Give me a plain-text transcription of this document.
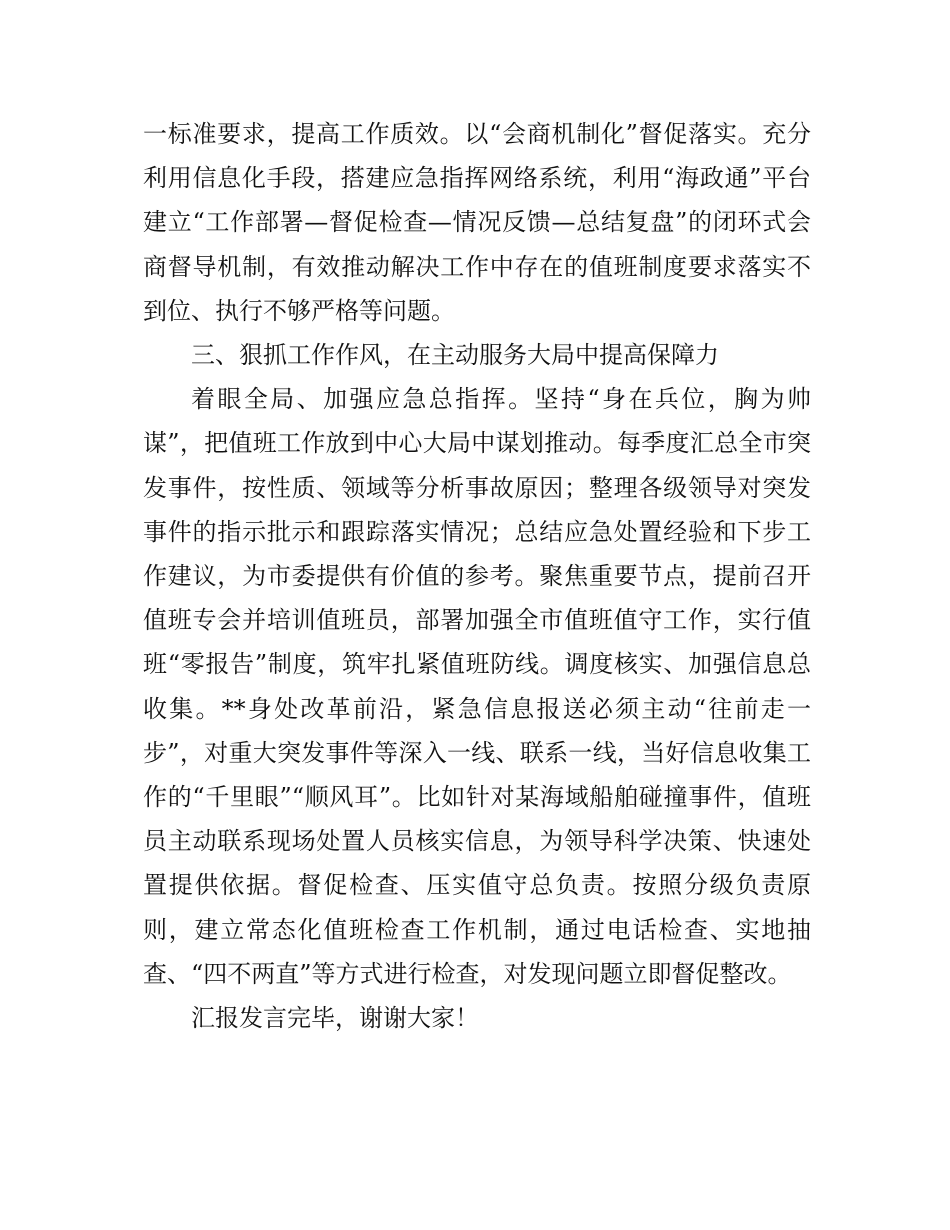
一标准要求，提高工作质效。以“会商机制化”督促落实。充分利用信息化手段，搭建应急指挥网络系统，利用“海政通”平台建立“工作部署—督促检查—情况反馈—总结复盘”的闭环式会商督导机制，有效推动解决工作中存在的值班制度要求落实不到位、执行不够严格等问题。

三、狠抓工作作风，在主动服务大局中提高保障力

着眼全局、加强应急总指挥。坚持“身在兵位，胸为帅谋”，把值班工作放到中心大局中谋划推动。每季度汇总全市突发事件，按性质、领域等分析事故原因；整理各级领导对突发事件的指示批示和跟踪落实情况；总结应急处置经验和下步工作建议，为市委提供有价值的参考。聚焦重要节点，提前召开值班专会并培训值班员，部署加强全市值班值守工作，实行值班“零报告”制度，筑牢扎紧值班防线。调度核实、加强信息总收集。**身处改革前沿，紧急信息报送必须主动“往前走一步”，对重大突发事件等深入一线、联系一线，当好信息收集工作的“千里眼”“顺风耳”。比如针对某海域船舶碰撞事件，值班员主动联系现场处置人员核实信息，为领导科学决策、快速处置提供依据。督促检查、压实值守总负责。按照分级负责原则，建立常态化值班检查工作机制，通过电话检查、实地抽查、“四不两直”等方式进行检查，对发现问题立即督促整改。

汇报发言完毕，谢谢大家！
